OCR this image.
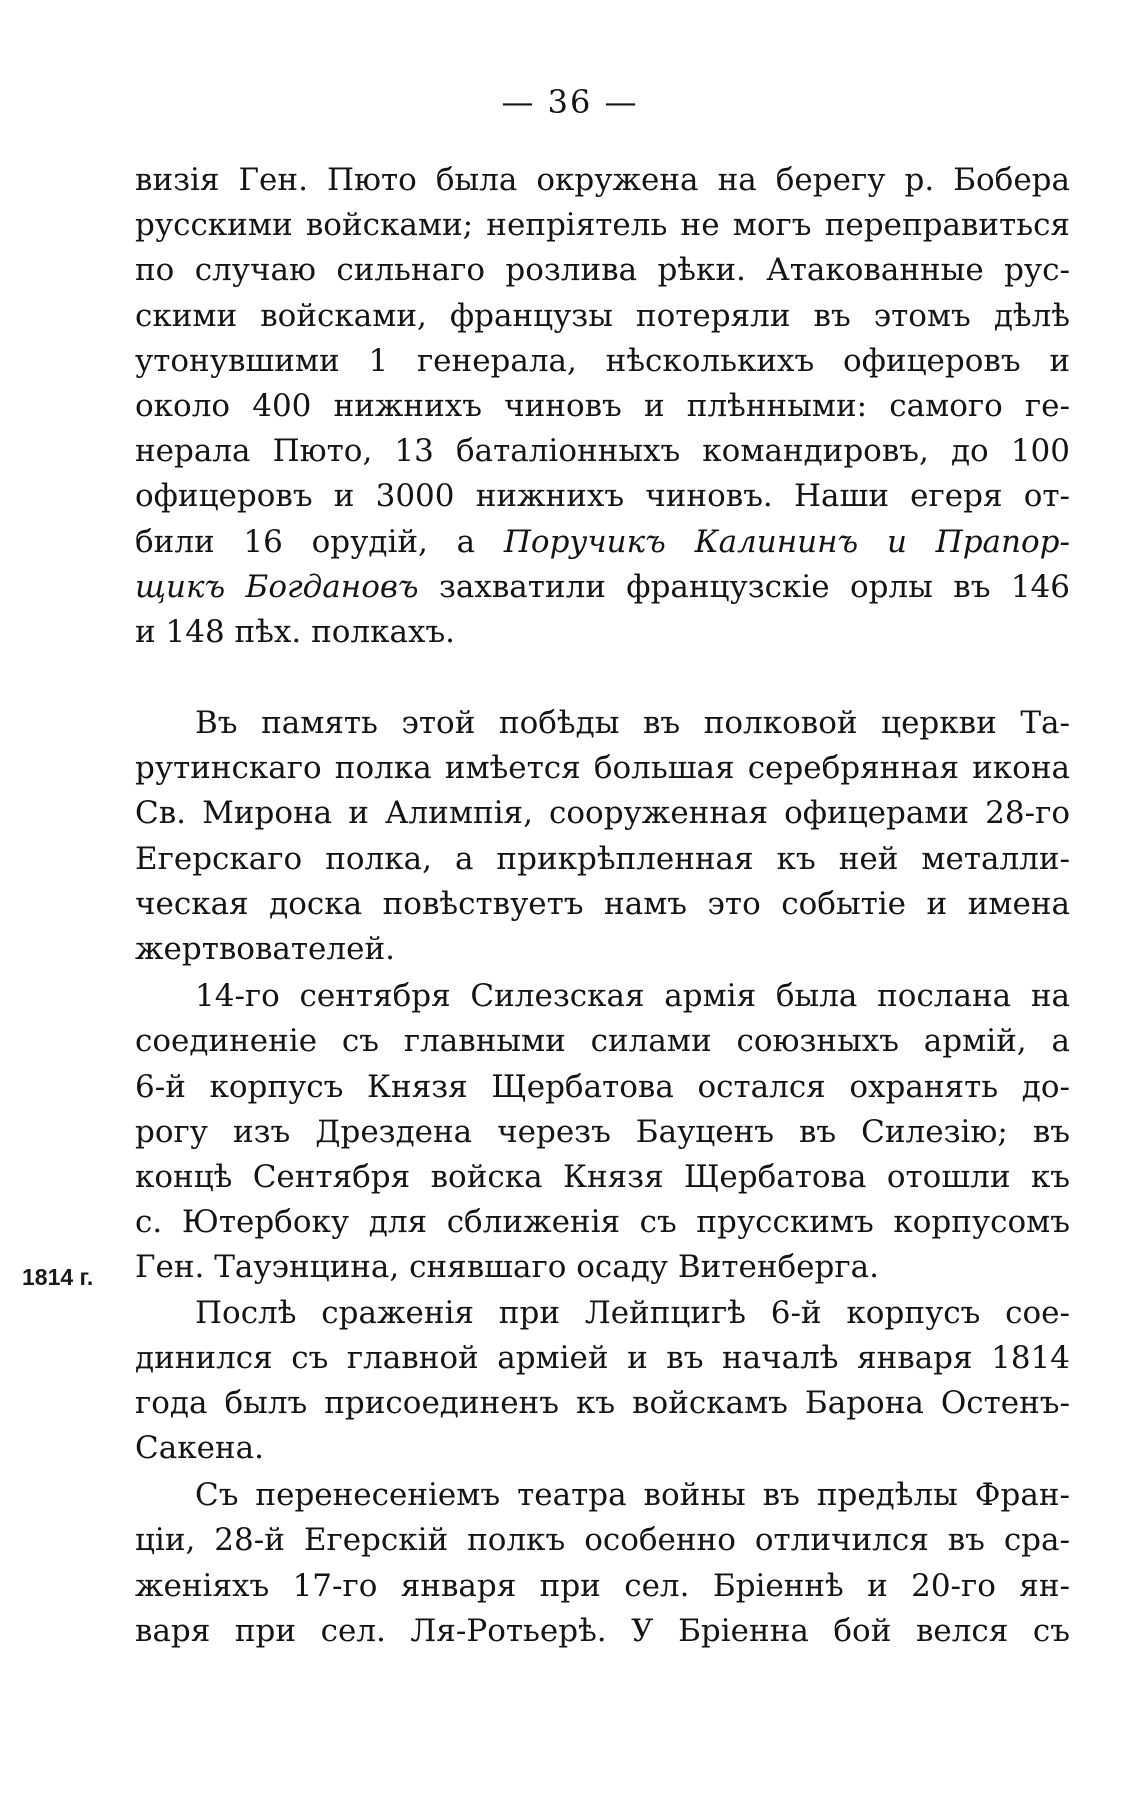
— 36 —
1814 г.
визія Ген. Пюто была окружена на берегу р. Бобера
русскими войсками; непріятель не могъ переправиться
по случаю сильнаго розлива рѣки. Атакованные рус-
скими войсками, французы потеряли въ этомъ дѣлѣ
утонувшими 1 генерала, нѣсколькихъ офицеровъ и
около 400 нижнихъ чиновъ и плѣнными: самого ге-
нерала Пюто, 13 баталіонныхъ командировъ, до 100
офицеровъ и 3000 нижнихъ чиновъ. Наши егеря от-
били 16 орудій, а Поручикъ Калининъ и Прапор-
щикъ Богдановъ захватили французскіе орлы въ 146
и 148 пѣх. полкахъ.
Въ память этой побѣды въ полковой церкви Та-
рутинскаго полка имѣется большая серебрянная икона
Св. Мирона и Алимпія, сооруженная офицерами 28-го
Егерскаго полка, а прикрѣпленная къ ней металли-
ческая доска повѣствуетъ намъ это событіе и имена
жертвователей.
14-го сентября Силезская армія была послана на
соединеніе съ главными силами союзныхъ армій, а
6-й корпусъ Князя Щербатова остался охранять до-
рогу изъ Дрездена черезъ Бауценъ въ Силезію; въ
концѣ Сентября войска Князя Щербатова отошли къ
с. Ютербоку для сближенія съ прусскимъ корпусомъ
Ген. Тауэнцина, снявшаго осаду Витенберга.
Послѣ сраженія при Лейпцигѣ 6-й корпусъ сое-
динился съ главной арміей и въ началѣ января 1814
года былъ присоединенъ къ войскамъ Барона Остенъ-
Сакена.
Съ перенесеніемъ театра войны въ предѣлы Фран-
ціи, 28-й Егерскій полкъ особенно отличился въ сра-
женіяхъ 17-го января при сел. Бріеннѣ и 20-го ян-
варя при сел. Ля-Ротьерѣ. У Бріенна бой велся съ
